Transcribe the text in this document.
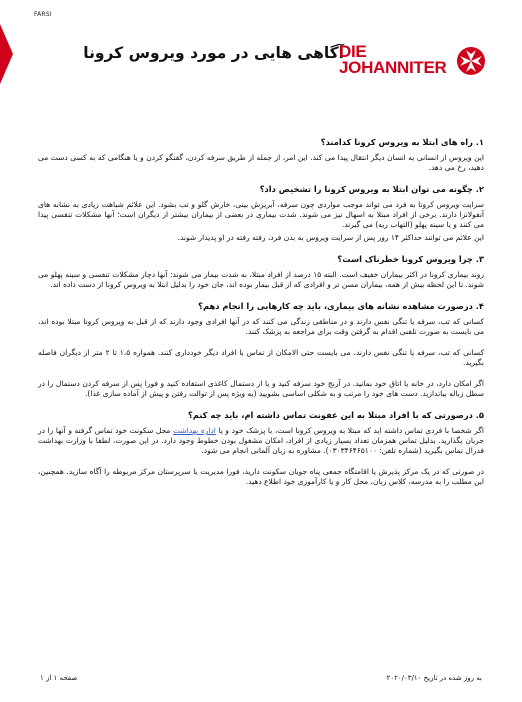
FARSI
آگاهی هایی در مورد ویروس کرونا
DIE
JOHANNITER
۱. راه های ابتلا به ویروس کرونا کدامند؟
این ویروس از انسانی به انسان دیگر انتقال پیدا می کند. این امر، از جمله از طریق سرفه کردن، گفتگو کردن و یا هنگامی که به کسی دست می دهید، رخ می دهد.
۲. چگونه می توان ابتلا به ویروس کرونا را تشخیص داد؟
سرایت ویروس کرونا به فرد می تواند موجب مواردی چون سرفه، آبریزش بینی، خارش گلو و تب بشود. این علائم شباهت زیادی به نشانه های آنفولانزا دارند. برخی از افراد مبتلا به اسهال نیز می شوند. شدت بیماری در بعضی از بیماران بیشتر از دیگران است؛ آنها مشکلات تنفسی پیدا می کنند و یا سینه پهلو (التهاب ریه) می گیرند.
این علائم می توانند حداکثر ۱۴ روز پس از سرایت ویروس به بدن فرد، رفته رفته در او پدیدار شوند.
۳. چرا ویروس کرونا خطرناک است؟
روند بیماری کرونا در اکثر بیماران خفیف است. البته ۱۵ درصد از افراد مبتلا، به شدت بیمار می شوند: آنها دچار مشکلات تنفسی و سینه پهلو می شوند. تا این لحظه بیش از همه، بیماران مسن تر و افرادی که از قبل بیمار بوده اند، جان خود را بدلیل ابتلا به ویروس کرونا از دست داده اند.
۴. درصورت مشاهده نشانه های بیماری، باید چه کارهایی را انجام دهم؟
کسانی که تب، سرفه یا تنگی نفس دارند و در مناطقی زندگی می کنند که در آنها افرادی وجود دارند که از قبل به ویروس کرونا مبتلا بوده اند، می بایست به صورت تلفنی اقدام به گرفتن وقت برای مراجعه به پزشک کنند.
کسانی که تب، سرفه یا تنگی نفس دارند، می بایست حتی الامکان از تماس با افراد دیگر خودداری کنند. همواره ۱،۵ تا ۲ متر از دیگران فاصله بگیرید.
اگر امکان دارد، در خانه یا اتاق خود بمانید. در آرنج خود سرفه کنید و یا از دستمال کاغذی استفاده کنید و فورا پس از سرفه کردن دستمال را در سطل زباله بیاندازید. دست های خود را مرتب و به شکلی اساسی بشویید (به ویژه پس از توالت رفتن و پیش از آماده سازی غذا).
۵. درصورتی که با افراد مبتلا به این عفونت تماس داشته ام، باید چه کنم؟
اگر شخصا با فردی تماس داشته اید که مبتلا به ویروس کرونا است، با پزشک خود و یا اداره بهداشت محل سکونت خود تماس گرفته و آنها را در جریان بگذارید. بدلیل تماس همزمان تعداد بسیار زیادی از افراد، امکان مشغول بودن خطوط وجود دارد. در این صورت، لطفا با وزارت بهداشت فدرال تماس بگیرید (شماره تلفن: ۰۳۰۳۴۶۴۶۵۱۰۰). مشاوره به زبان آلمانی انجام می شود.
در صورتی که در یک مرکز پذیرش یا اقامتگاه جمعی پناه جویان سکونت دارید، فورا مدیریت یا سرپرستان مرکز مربوطه را آگاه سازید. همچنین، این مطلب را به مدرسه، کلاس زبان، محل کار و یا کارآموزی خود اطلاع دهید.
به روز شده در تاریخ ۲۰۲۰/۰۳/۱۰
صفحه ۱ از ۱
